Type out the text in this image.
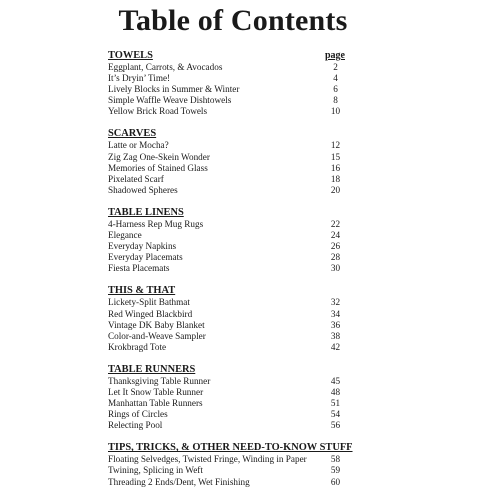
Table of Contents
page
TOWELS
Eggplant, Carrots, & Avocados	2
It’s Dryin’ Time!	4
Lively Blocks in Summer & Winter	6
Simple Waffle Weave Dishtowels	8
Yellow Brick Road Towels	10
SCARVES
Latte or Mocha?	12
Zig Zag One-Skein Wonder	15
Memories of Stained Glass	16
Pixelated Scarf	18
Shadowed Spheres	20
TABLE LINENS
4-Harness Rep Mug Rugs	22
Elegance	24
Everyday Napkins	26
Everyday Placemats	28
Fiesta Placemats	30
THIS & THAT
Lickety-Split Bathmat	32
Red Winged Blackbird	34
Vintage DK Baby Blanket	36
Color-and-Weave Sampler	38
Krokbragd Tote	42
TABLE RUNNERS
Thanksgiving Table Runner	45
Let It Snow Table Runner	48
Manhattan Table Runners	51
Rings of Circles	54
Relecting Pool	56
TIPS, TRICKS, & OTHER NEED-TO-KNOW STUFF
Floating Selvedges, Twisted Fringe, Winding in Paper	58
Twining, Splicing in Weft	59
Threading 2 Ends/Dent, Wet Finishing	60
